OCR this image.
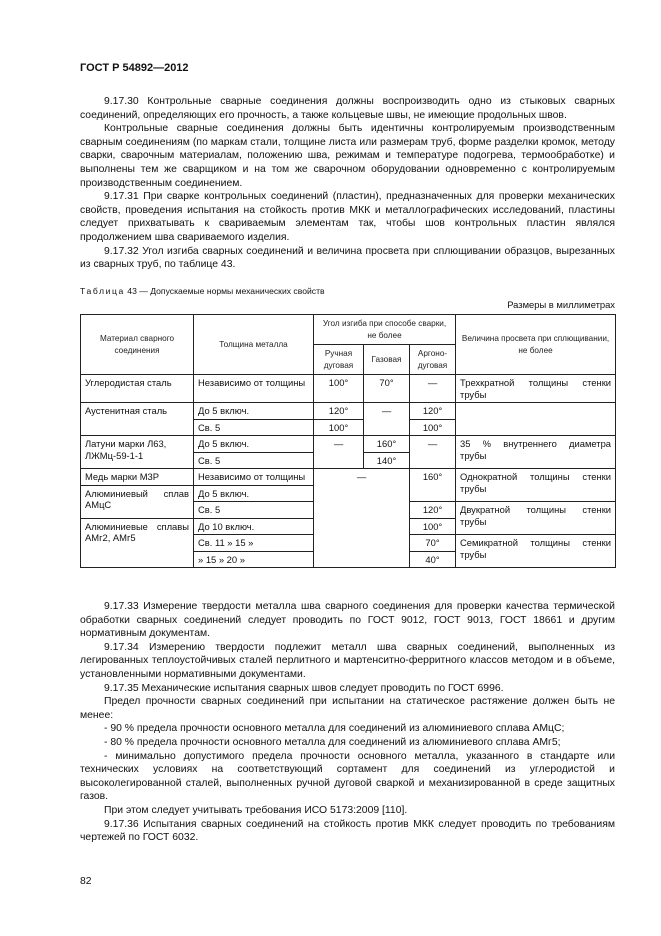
ГОСТ Р 54892—2012

9.17.30 Контрольные сварные соединения должны воспроизводить одно из стыковых сварных соединений, определяющих его прочность, а также кольцевые швы, не имеющие продольных швов.

Контрольные сварные соединения должны быть идентичны контролируемым производственным сварным соединениям (по маркам стали, толщине листа или размерам труб, форме разделки кромок, методу сварки, сварочным материалам, положению шва, режимам и температуре подогрева, термообработке) и выполнены тем же сварщиком и на том же сварочном оборудовании одновременно с контролируемым производственным соединением.

9.17.31 При сварке контрольных соединений (пластин), предназначенных для проверки механических свойств, проведения испытания на стойкость против МКК и металлографических исследований, пластины следует прихватывать к свариваемым элементам так, чтобы шов контрольных пластин являлся продолжением шва свариваемого изделия.

9.17.32 Угол изгиба сварных соединений и величина просвета при сплющивании образцов, вырезанных из сварных труб, по таблице 43.

Таблица 43 — Допускаемые нормы механических свойств
Размеры в миллиметрах
Материал сварного соединения	Толщина металла	Угол изгиба при способе сварки, не более			Величина просвета при сплющивании, не более
		Ручная дуговая	Газовая	Аргоно-дуговая	
Углеродистая сталь	Независимо от толщины	100°	70°	—	Трехкратной толщины стенки трубы
Аустенитная сталь	До 5 включ.	120°	—	120°	
	Св. 5	100°		100°	
Латуни марки Л63, ЛЖМц-59-1-1	До 5 включ.	—	160°	—	35 % внутреннего диаметра трубы
	Св. 5		140°		
Медь марки М3Р	Независимо от толщины	—		160°	Однократной толщины стенки трубы
Алюминиевый сплав АМцС	До 5 включ.				
	Св. 5			120°	Двукратной толщины стенки трубы
Алюминиевые сплавы АМг2, АМг5	До 10 включ.			100°	
	Св. 11 » 15 »			70°	Семикратной толщины стенки трубы
	» 15 » 20 »			40°	

9.17.33 Измерение твердости металла шва сварного соединения для проверки качества термической обработки сварных соединений следует проводить по ГОСТ 9012, ГОСТ 9013, ГОСТ 18661 и другим нормативным документам.

9.17.34 Измерению твердости подлежит металл шва сварных соединений, выполненных из легированных теплоустойчивых сталей перлитного и мартенситно-ферритного классов методом и в объеме, установленными нормативными документами.

9.17.35 Механические испытания сварных швов следует проводить по ГОСТ 6996.

Предел прочности сварных соединений при испытании на статическое растяжение должен быть не менее:

- 90 % предела прочности основного металла для соединений из алюминиевого сплава АМцС;

- 80 % предела прочности основного металла для соединений из алюминиевого сплава АМг5;

- минимально допустимого предела прочности основного металла, указанного в стандарте или технических условиях на соответствующий сортамент для соединений из углеродистой и высоколегированной сталей, выполненных ручной дуговой сваркой и механизированной в среде защитных газов.

При этом следует учитывать требования ИСО 5173:2009 [110].

9.17.36 Испытания сварных соединений на стойкость против МКК следует проводить по требованиям чертежей по ГОСТ 6032.

82
